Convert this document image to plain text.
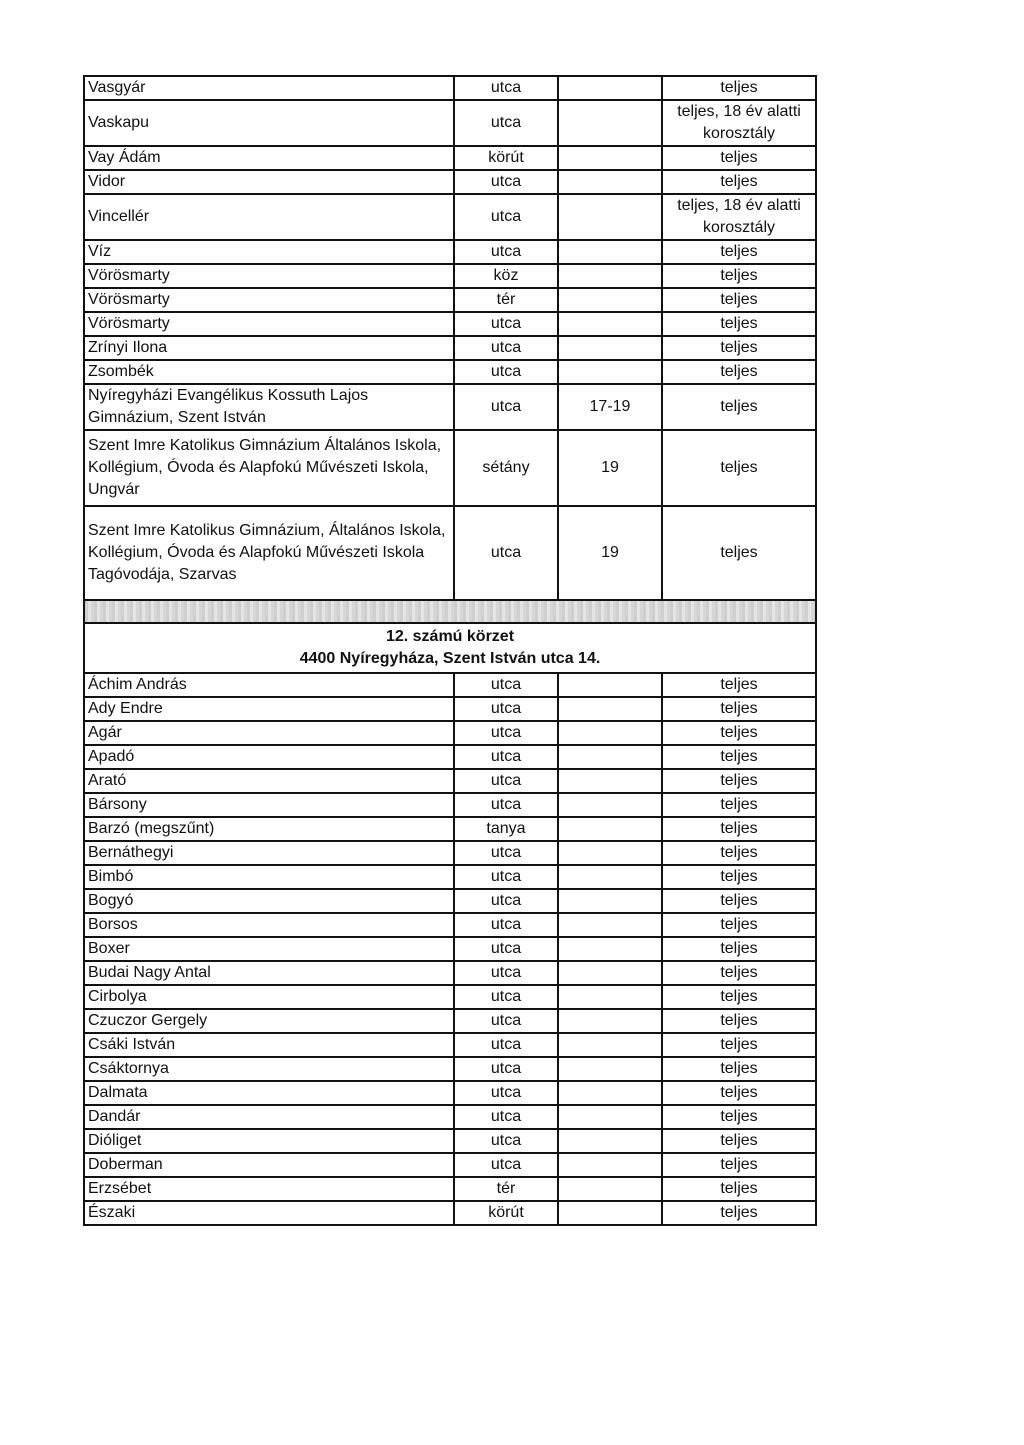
Vasgyár	utca		teljes
Vaskapu	utca		teljes, 18 év alatti korosztály
Vay Ádám	körút		teljes
Vidor	utca		teljes
Vincellér	utca		teljes, 18 év alatti korosztály
Víz	utca		teljes
Vörösmarty	köz		teljes
Vörösmarty	tér		teljes
Vörösmarty	utca		teljes
Zrínyi Ilona	utca		teljes
Zsombék	utca		teljes
Nyíregyházi Evangélikus Kossuth Lajos Gimnázium, Szent István	utca	17-19	teljes
Szent Imre Katolikus Gimnázium Általános Iskola, Kollégium, Óvoda és Alapfokú Művészeti Iskola, Ungvár	sétány	19	teljes
Szent Imre Katolikus Gimnázium, Általános Iskola, Kollégium, Óvoda és Alapfokú Művészeti Iskola Tagóvodája, Szarvas	utca	19	teljes

12. számú körzet
4400 Nyíregyháza, Szent István utca 14.			

Áchim András	utca		teljes
Ady Endre	utca		teljes
Agár	utca		teljes
Apadó	utca		teljes
Arató	utca		teljes
Bársony	utca		teljes
Barzó (megszűnt)	tanya		teljes
Bernáthegyi	utca		teljes
Bimbó	utca		teljes
Bogyó	utca		teljes
Borsos	utca		teljes
Boxer	utca		teljes
Budai Nagy Antal	utca		teljes
Cirbolya	utca		teljes
Czuczor Gergely	utca		teljes
Csáki István	utca		teljes
Csáktornya	utca		teljes
Dalmata	utca		teljes
Dandár	utca		teljes
Dióliget	utca		teljes
Doberman	utca		teljes
Erzsébet	tér		teljes
Északi	körút		teljes
